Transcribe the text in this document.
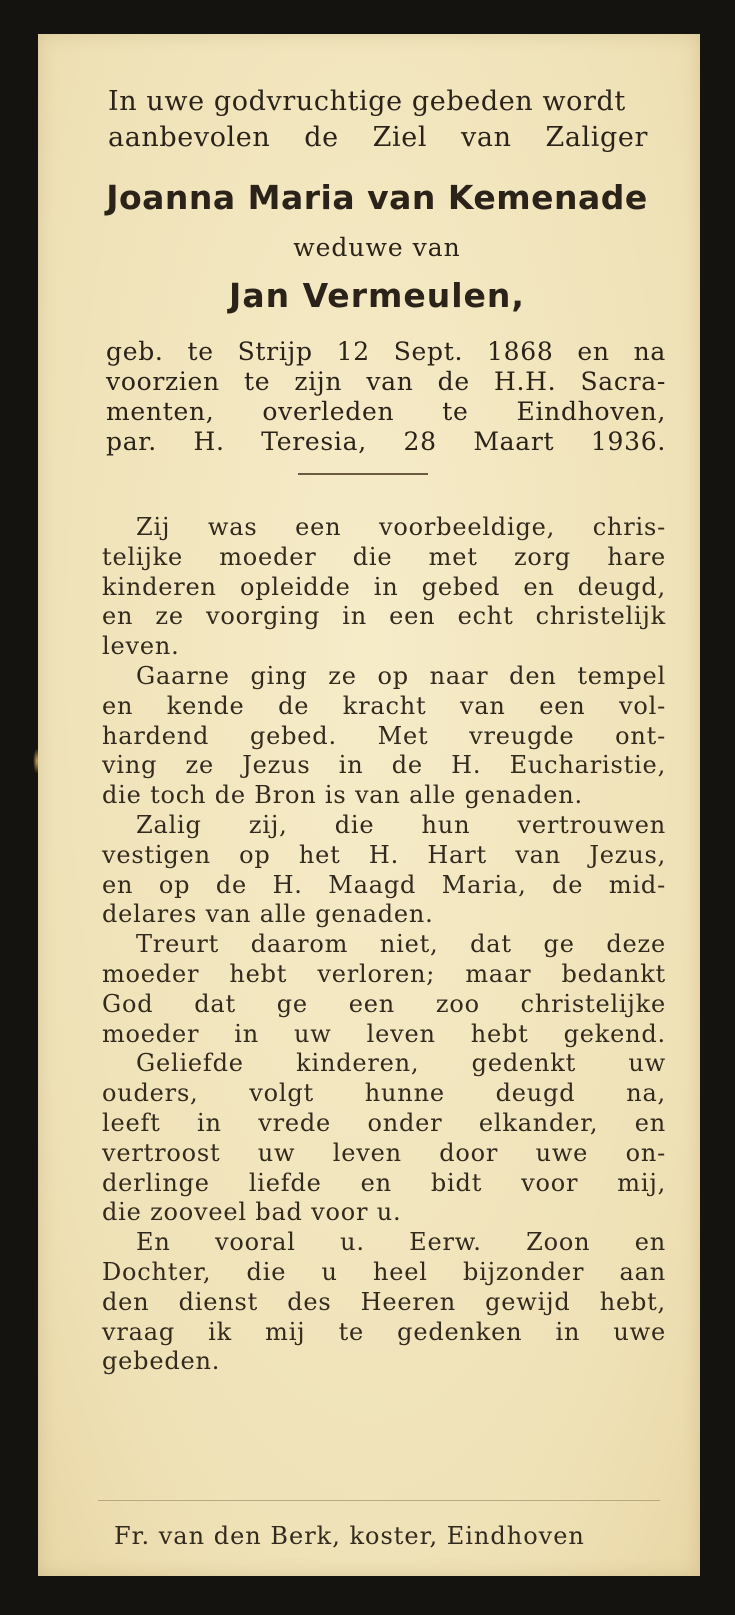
In uwe godvruchtige gebeden wordt
aanbevolen de Ziel van Zaliger
Joanna Maria van Kemenade
weduwe van
Jan Vermeulen,
geb. te Strijp 12 Sept. 1868 en na
voorzien te zijn van de H.H. Sacra-
menten, overleden te Eindhoven,
par. H. Teresia, 28 Maart 1936.
Zij was een voorbeeldige, chris-
telijke moeder die met zorg hare
kinderen opleidde in gebed en deugd,
en ze voorging in een echt christelijk
leven.
Gaarne ging ze op naar den tempel
en kende de kracht van een vol-
hardend gebed. Met vreugde ont-
ving ze Jezus in de H. Eucharistie,
die toch de Bron is van alle genaden.
Zalig zij, die hun vertrouwen
vestigen op het H. Hart van Jezus,
en op de H. Maagd Maria, de mid-
delares van alle genaden.
Treurt daarom niet, dat ge deze
moeder hebt verloren; maar bedankt
God dat ge een zoo christelijke
moeder in uw leven hebt gekend.
Geliefde kinderen, gedenkt uw
ouders, volgt hunne deugd na,
leeft in vrede onder elkander, en
vertroost uw leven door uwe on-
derlinge liefde en bidt voor mij,
die zooveel bad voor u.
En vooral u. Eerw. Zoon en
Dochter, die u heel bijzonder aan
den dienst des Heeren gewijd hebt,
vraag ik mij te gedenken in uwe
gebeden.
Fr. van den Berk, koster, Eindhoven
